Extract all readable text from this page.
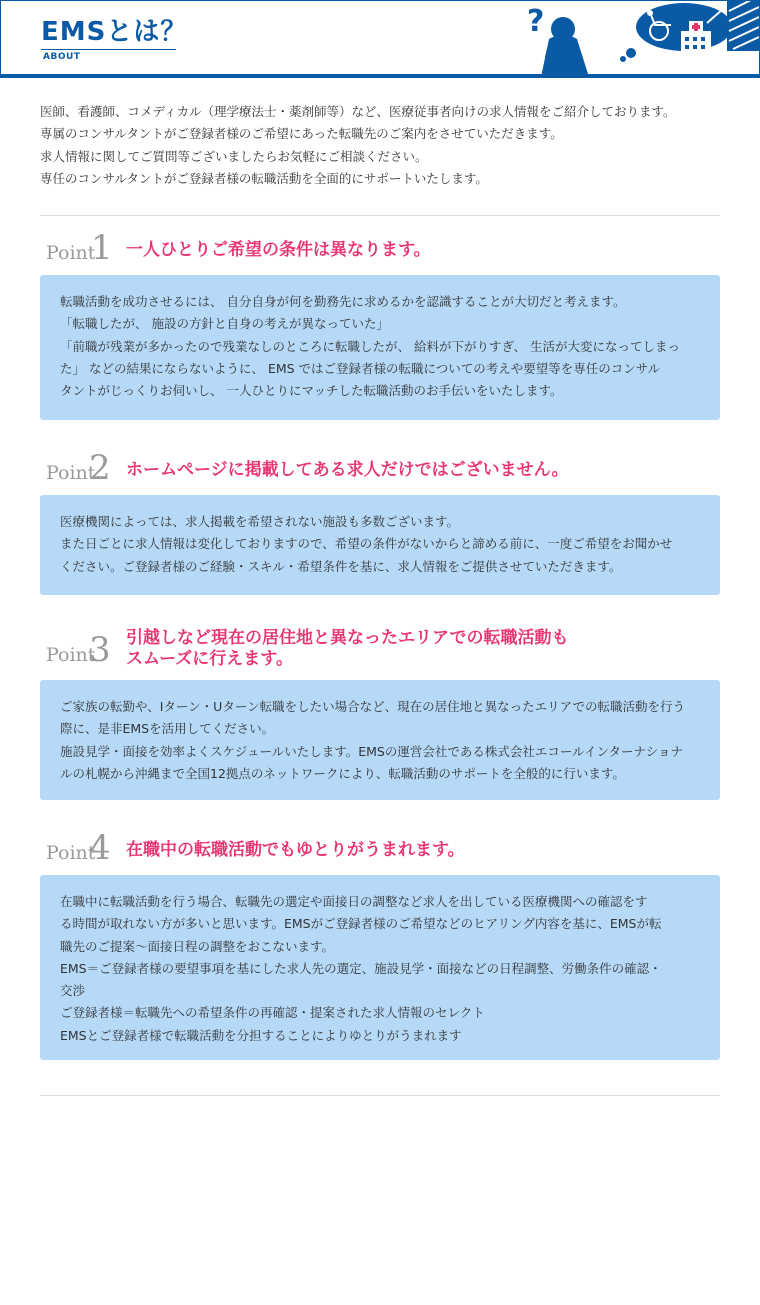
EMSとは？
ABOUT
?

医師、看護師、コメディカル（理学療法士・薬剤師等）など、医療従事者向けの求人情報をご紹介しております。

専属のコンサルタントがご登録者様のご希望にあった転職先のご案内をさせていただきます。

求人情報に関してご質問等ございましたらお気軽にご相談ください。

専任のコンサルタントがご登録者様の転職活動を全面的にサポートいたします。

Point
1 一人ひとりご希望の条件は異なります。

転職活動を成功させるには、 自分自身が何を勤務先に求めるかを認識することが大切だと考えます。

「転職したが、 施設の方針と自身の考えが異なっていた」

「前職が残業が多かったので残業なしのところに転職したが、 給料が下がりすぎ、 生活が大変になってしまっ

た」 などの結果にならないように、 EMS ではご登録者様の転職についての考えや要望等を専任のコンサル

タントがじっくりお伺いし、 一人ひとりにマッチした転職活動のお手伝いをいたします。

Point
2 ホームページに掲載してある求人だけではございません。

医療機関によっては、求人掲載を希望されない施設も多数ございます。

また日ごとに求人情報は変化しておりますので、希望の条件がないからと諦める前に、一度ご希望をお聞かせ

ください。ご登録者様のご経験・スキル・希望条件を基に、求人情報をご提供させていただきます。

Point
3 引越しなど現在の居住地と異なったエリアでの転職活動も
スムーズに行えます。

ご家族の転勤や、Iターン・Uターン転職をしたい場合など、現在の居住地と異なったエリアでの転職活動を行う

際に、是非EMSを活用してください。

施設見学・面接を効率よくスケジュールいたします。EMSの運営会社である株式会社エコールインターナショナ

ルの札幌から沖縄まで全国12拠点のネットワークにより、転職活動のサポートを全般的に行います。

Point
4 在職中の転職活動でもゆとりがうまれます。

在職中に転職活動を行う場合、転職先の選定や面接日の調整など求人を出している医療機関への確認をす

る時間が取れない方が多いと思います。EMSがご登録者様のご希望などのヒアリング内容を基に、EMSが転

職先のご提案～面接日程の調整をおこないます。

EMS＝ご登録者様の要望事項を基にした求人先の選定、施設見学・面接などの日程調整、労働条件の確認・

交渉

ご登録者様＝転職先への希望条件の再確認・提案された求人情報のセレクト

EMSとご登録者様で転職活動を分担することによりゆとりがうまれます
